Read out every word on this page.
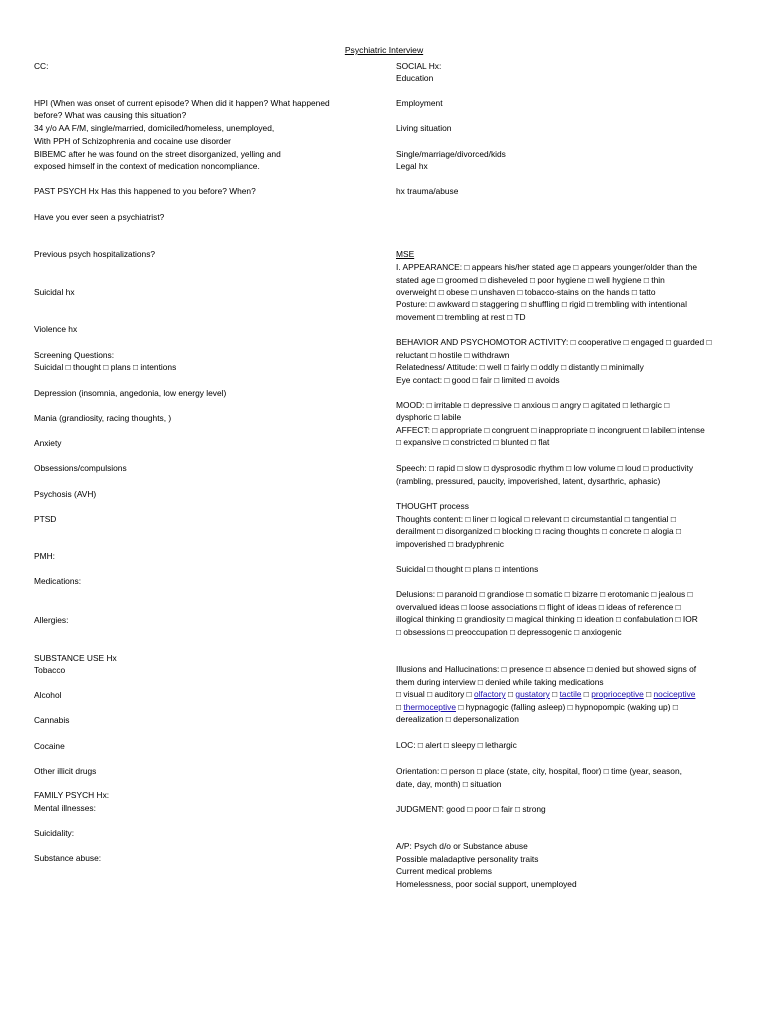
Psychiatric Interview
CC:
HPI (When was onset of current episode? When did it happen? What happened
before? What was causing this situation?
34 y/o AA F/M, single/married, domiciled/homeless, unemployed,
With PPH of Schizophrenia and cocaine use disorder
BIBEMC after he was found on the street disorganized, yelling and
exposed himself in the context of medication noncompliance.
PAST PSYCH Hx Has this happened to you before? When?
Have you ever seen a psychiatrist?
Previous psych hospitalizations?
Suicidal hx
Violence hx
Screening Questions:
Suicidal □ thought □ plans □ intentions
Depression (insomnia, angedonia, low energy level)
Mania (grandiosity, racing thoughts, )
Anxiety
Obsessions/compulsions
Psychosis (AVH)
PTSD
PMH:
Medications:
Allergies:
SUBSTANCE USE Hx
Tobacco
Alcohol
Cannabis
Cocaine
Other illicit drugs
FAMILY PSYCH Hx:
Mental illnesses:
Suicidality:
Substance abuse:
SOCIAL Hx:
Education
Employment
Living situation
Single/marriage/divorced/kids
Legal hx
hx trauma/abuse
I. APPEARANCE: □ appears his/her stated age □ appears younger/older than the
stated age □ groomed □ disheveled □ poor hygiene □ well hygiene □ thin
overweight □ obese □ unshaven □ tobacco-stains on the hands □ tatto
Posture: □ awkward □ staggering □ shuffling □ rigid □ trembling with intentional
movement □ trembling at rest □ TD
BEHAVIOR AND PSYCHOMOTOR ACTIVITY: □ cooperative □ engaged □ guarded □
reluctant □ hostile □ withdrawn
Relatedness/ Attitude: □ well □ fairly □ oddly □ distantly □ minimally
Eye contact: □ good □ fair □ limited □ avoids
MOOD: □ irritable □ depressive □ anxious □ angry □ agitated □ lethargic □
dysphoric □ labile
AFFECT: □ appropriate □ congruent □ inappropriate □ incongruent □ labile□ intense
□ expansive □ constricted □ blunted □ flat
Speech: □ rapid □ slow □ dysprosodic rhythm □ low volume □ loud □ productivity
(rambling, pressured, paucity, impoverished, latent, dysarthric, aphasic)
THOUGHT process
Thoughts content: □ liner □ logical □ relevant □ circumstantial □ tangential □
derailment □ disorganized □ blocking □ racing thoughts □ concrete □ alogia □
impoverished □ bradyphrenic
Suicidal □ thought □ plans □ intentions
Delusions: □ paranoid □ grandiose □ somatic □ bizarre □ erotomanic □ jealous □
overvalued ideas □ loose associations □ flight of ideas □ ideas of reference □
illogical thinking □ grandiosity □ magical thinking □ ideation □ confabulation □ IOR
□ obsessions □ preoccupation □ depressogenic □ anxiogenic
Illusions and Hallucinations: □ presence □ absence □ denied but showed signs of
them during interview □ denied while taking medications
derealization □ depersonalization
LOC: □ alert □ sleepy □ lethargic
Orientation: □ person □ place (state, city, hospital, floor) □ time (year, season,
date, day, month) □ situation
JUDGMENT: good □ poor □ fair □ strong
A/P: Psych d/o or Substance abuse
Possible maladaptive personality traits
Current medical problems
Homelessness, poor social support, unemployed
MSE
□ visual □ auditory □ olfactory □ gustatory □ tactile □ proprioceptive □ nociceptive
□ thermoceptive □ hypnagogic (falling asleep) □ hypnopompic (waking up) □
